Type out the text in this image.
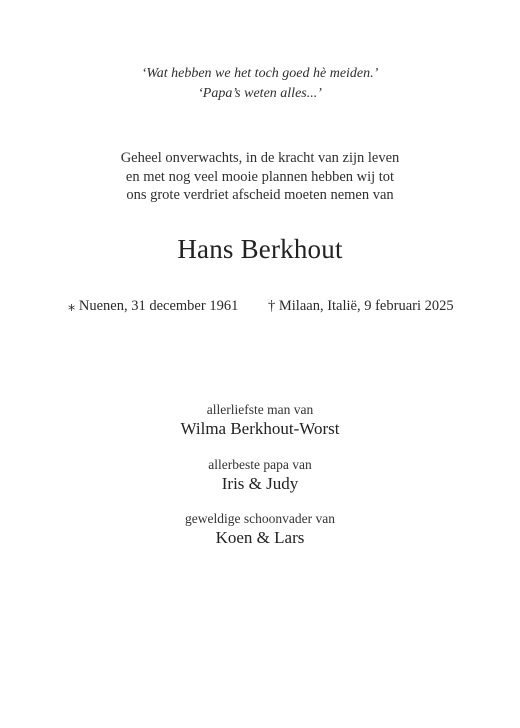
‘Wat hebben we het toch goed hè meiden.’
‘Papa’s weten alles...’
Geheel onverwachts, in de kracht van zijn leven
en met nog veel mooie plannen hebben wij tot
ons grote verdriet afscheid moeten nemen van
Hans Berkhout
⁎ Nuenen, 31 december 1961 † Milaan, Italië, 9 februari 2025
allerliefste man van
Wilma Berkhout-Worst
allerbeste papa van
Iris & Judy
geweldige schoonvader van
Koen & Lars
